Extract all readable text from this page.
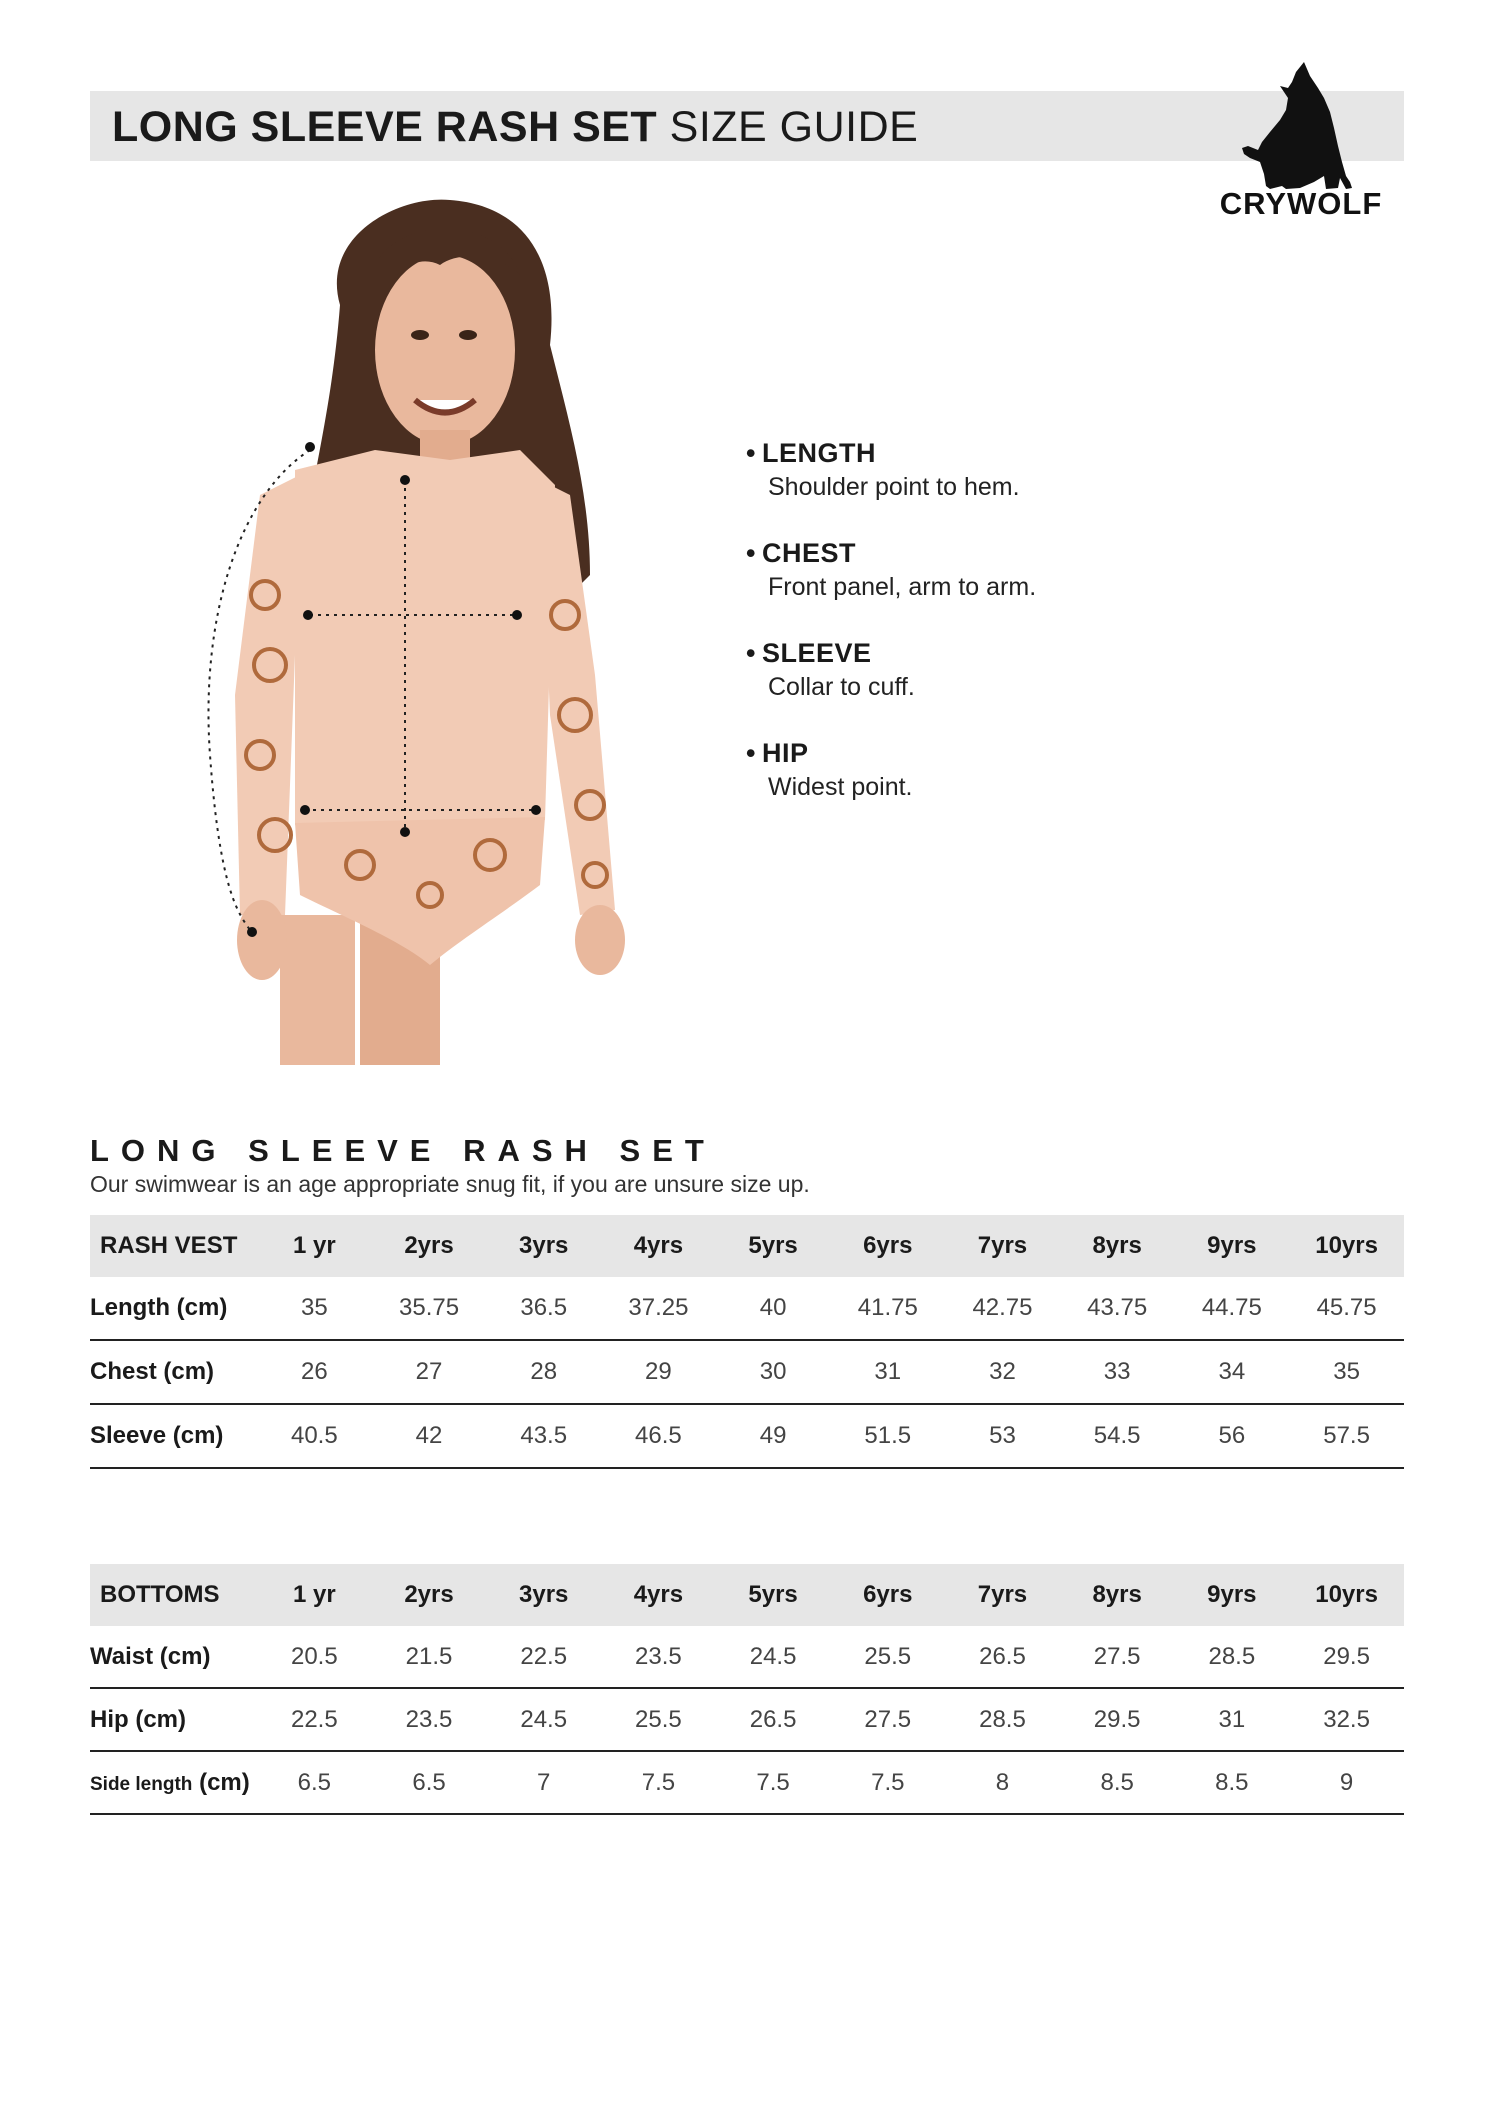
LONG SLEEVE RASH SET SIZE GUIDE
CRYWOLF
• LENGTH
Shoulder point to hem.
• CHEST
Front panel, arm to arm.
• SLEEVE
Collar to cuff.
• HIP
Widest point.
LONG SLEEVE RASH SET
Our swimwear is an age appropriate snug fit, if you are unsure size up.
RASH VEST	1 yr	2yrs	3yrs	4yrs	5yrs	6yrs	7yrs	8yrs	9yrs	10yrs
Length (cm)	35	35.75	36.5	37.25	40	41.75	42.75	43.75	44.75	45.75
Chest (cm)	26	27	28	29	30	31	32	33	34	35
Sleeve (cm)	40.5	42	43.5	46.5	49	51.5	53	54.5	56	57.5
BOTTOMS	1 yr	2yrs	3yrs	4yrs	5yrs	6yrs	7yrs	8yrs	9yrs	10yrs
Waist (cm)	20.5	21.5	22.5	23.5	24.5	25.5	26.5	27.5	28.5	29.5
Hip (cm)	22.5	23.5	24.5	25.5	26.5	27.5	28.5	29.5	31	32.5
Side length (cm)	6.5	6.5	7	7.5	7.5	7.5	8	8.5	8.5	9
